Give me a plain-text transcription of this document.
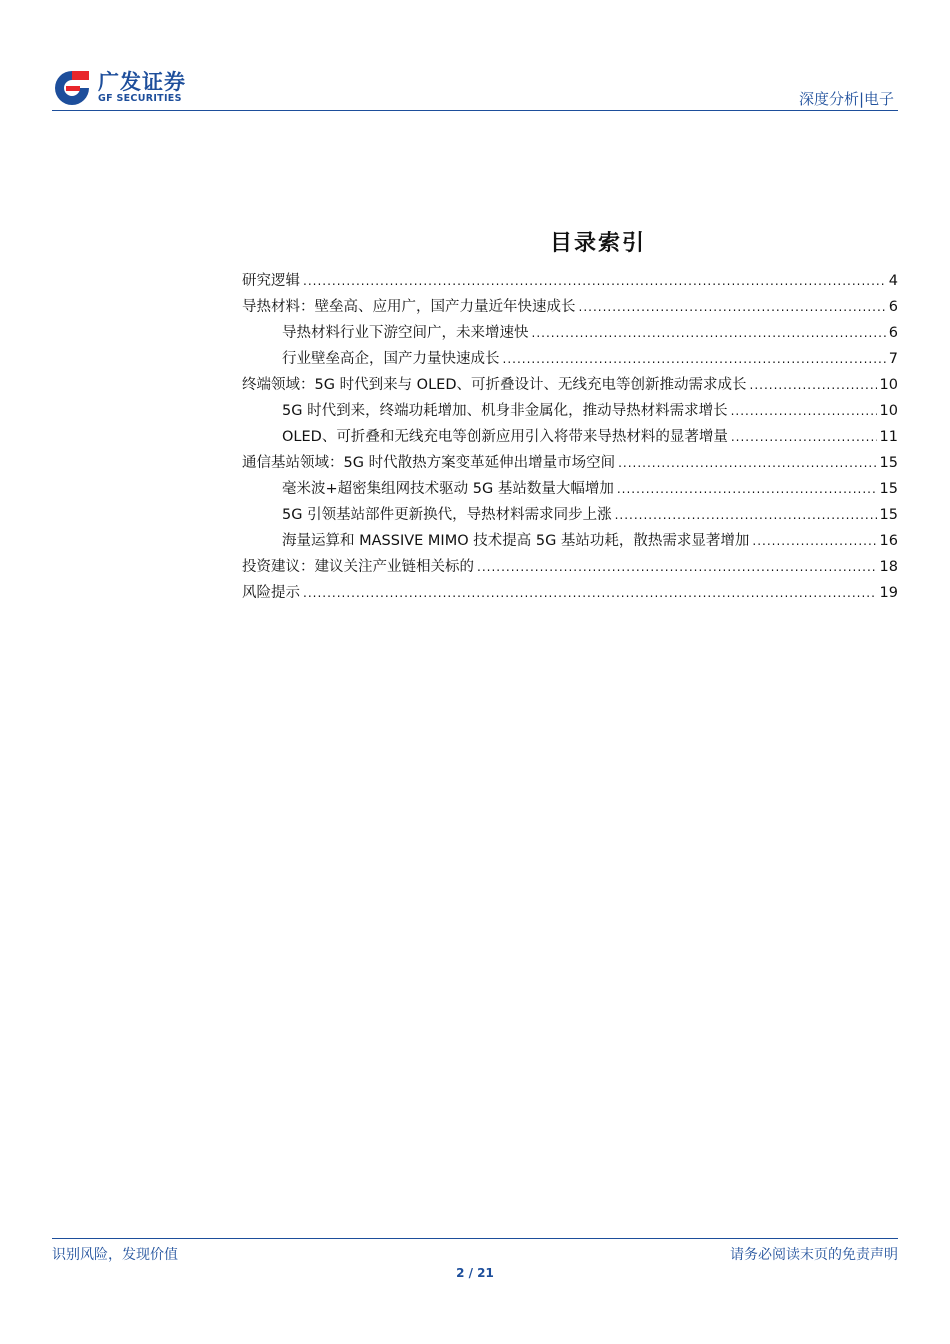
广发证券
GF SECURITIES	深度分析|电子
目录索引
研究逻辑 .....	4
导热材料：壁垒高、应用广，国产力量近年快速成长 .....	6
导热材料行业下游空间广，未来增速快 .....	6
行业壁垒高企，国产力量快速成长 .....	7
终端领域：5G 时代到来与 OLED、可折叠设计、无线充电等创新推动需求成长 .....	10
5G 时代到来，终端功耗增加、机身非金属化，推动导热材料需求增长 .....	10
OLED、可折叠和无线充电等创新应用引入将带来导热材料的显著增量 .....	11
通信基站领域：5G 时代散热方案变革延伸出增量市场空间 .....	15
毫米波+超密集组网技术驱动 5G 基站数量大幅增加 .....	15
5G 引领基站部件更新换代，导热材料需求同步上涨 .....	15
海量运算和 MASSIVE MIMO 技术提高 5G 基站功耗，散热需求显著增加 .....	16
投资建议：建议关注产业链相关标的 .....	18
风险提示 .....	19
识别风险，发现价值	请务必阅读末页的免责声明
2 / 21
